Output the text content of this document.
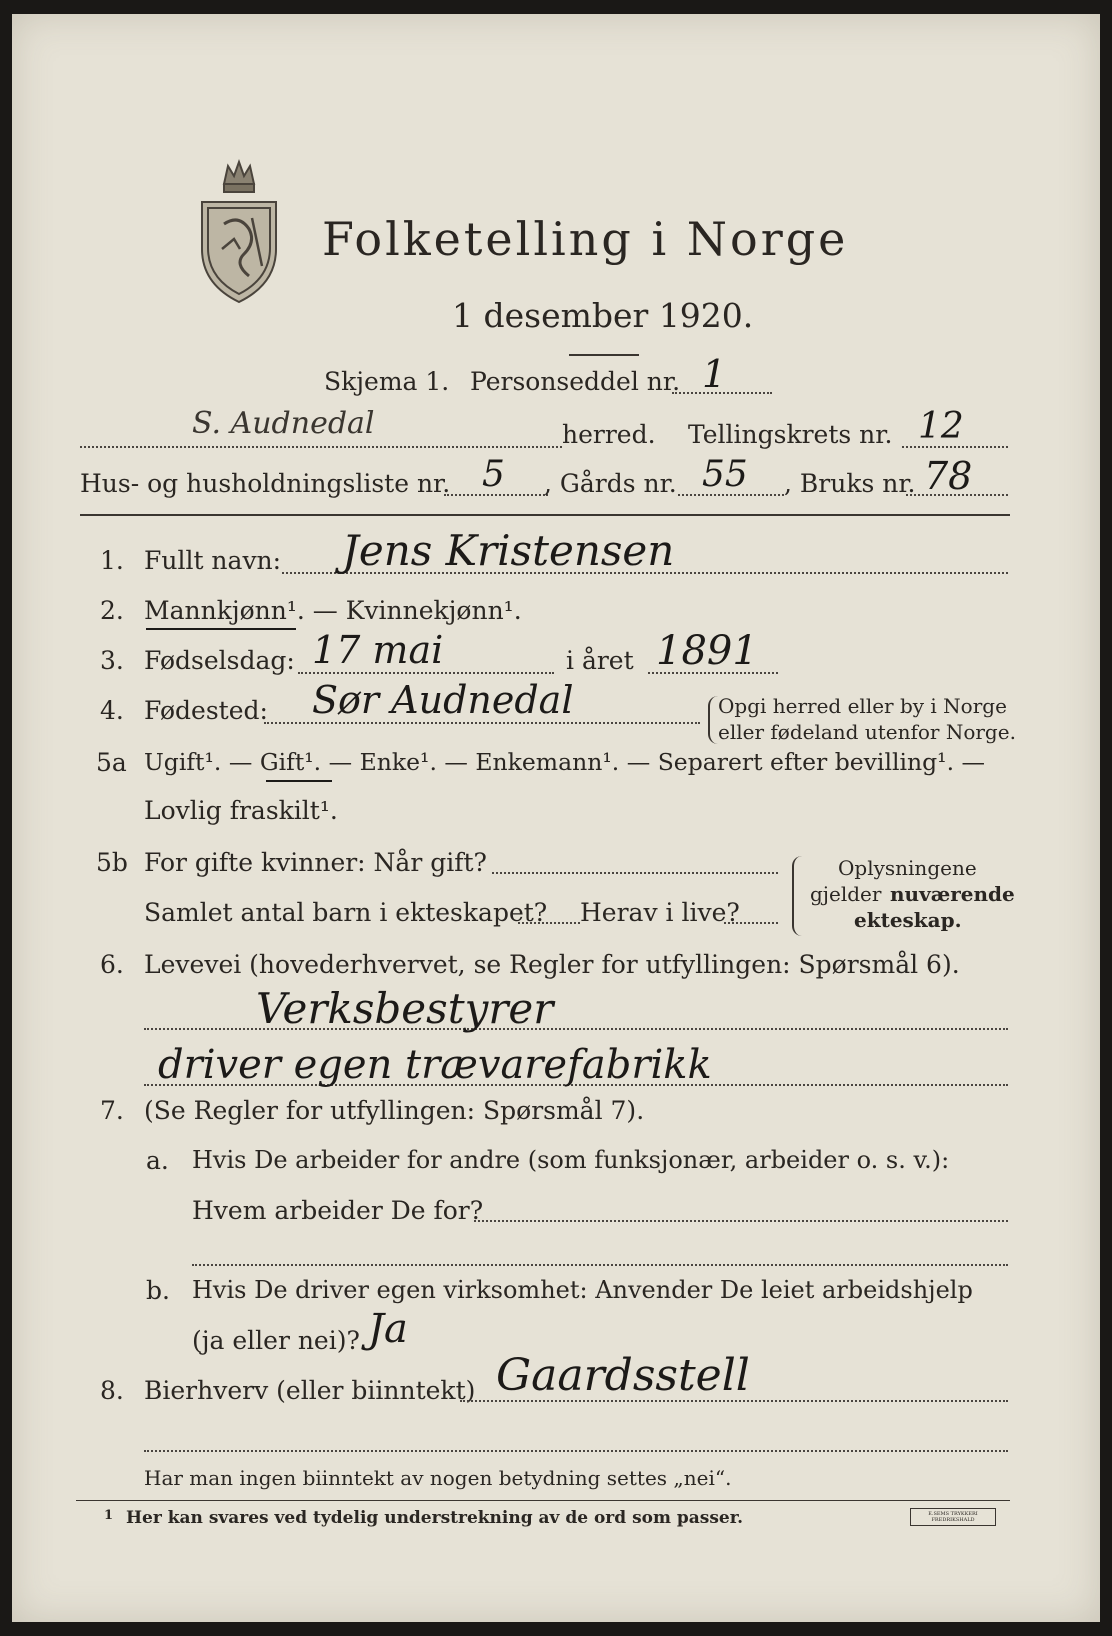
Folketelling i Norge
1 desember 1920.
Skjema 1. Personseddel nr. 1
S. Audnedal	herred. Tellingskrets nr. 12
Hus- og husholdningsliste nr. 5 , Gårds nr. 55 , Bruks nr. 78
1. Fullt navn: Jens Kristensen
2. Mannkjønn¹. — Kvinnekjønn¹.
3. Fødselsdag: 17 mai	i året 1891
4. Fødested: Sør Audnedal	Opgi herred eller by i Norge
eller fødeland utenfor Norge.
5a Ugift¹. — Gift¹. — Enke¹. — Enkemann¹. — Separert efter bevilling¹. —
Lovlig fraskilt¹.
5b For gifte kvinner: Når gift?
Samlet antal barn i ekteskapet? Herav i live?
Oplysningene
gjelder nuværende
ekteskap.
6. Levevei (hovederhvervet, se Regler for utfyllingen: Spørsmål 6).
Verksbestyrer
driver egen trævarefabrikk
7. (Se Regler for utfyllingen: Spørsmål 7).
a. Hvis De arbeider for andre (som funksjonær, arbeider o. s. v.):
Hvem arbeider De for?
b. Hvis De driver egen virksomhet: Anvender De leiet arbeidshjelp
(ja eller nei)? Ja
8. Bierhverv (eller biinntekt) Gaardsstell
Har man ingen biinntekt av nogen betydning settes „nei“.
1 Her kan svares ved tydelig understrekning av de ord som passer.	E.SEMS TRYKKERI FREDRIKSHALD
